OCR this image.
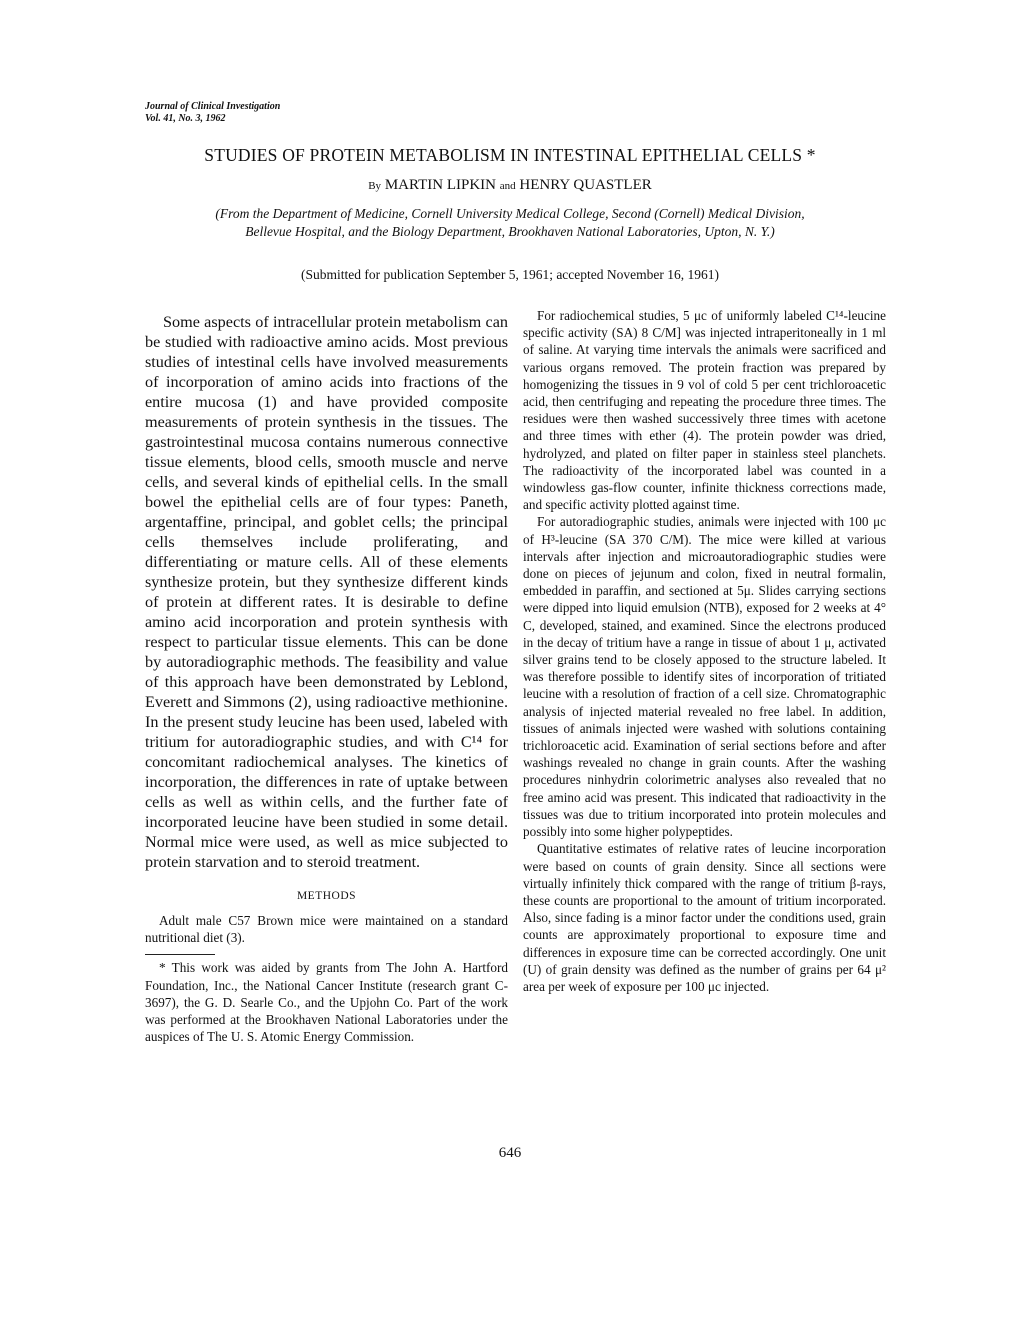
Journal of Clinical Investigation
Vol. 41, No. 3, 1962
STUDIES OF PROTEIN METABOLISM IN INTESTINAL EPITHELIAL CELLS *
By MARTIN LIPKIN and HENRY QUASTLER
(From the Department of Medicine, Cornell University Medical College, Second (Cornell) Medical Division, Bellevue Hospital, and the Biology Department, Brookhaven National Laboratories, Upton, N. Y.)
(Submitted for publication September 5, 1961; accepted November 16, 1961)

Some aspects of intracellular protein metabolism can be studied with radioactive amino acids. Most previous studies of intestinal cells have involved measurements of incorporation of amino acids into fractions of the entire mucosa (1) and have provided composite measurements of protein synthesis in the tissues. The gastrointestinal mucosa contains numerous connective tissue elements, blood cells, smooth muscle and nerve cells, and several kinds of epithelial cells. In the small bowel the epithelial cells are of four types: Paneth, argentaffine, principal, and goblet cells; the principal cells themselves include proliferating, and differentiating or mature cells. All of these elements synthesize protein, but they synthesize different kinds of protein at different rates. It is desirable to define amino acid incorporation and protein synthesis with respect to particular tissue elements. This can be done by autoradiographic methods. The feasibility and value of this approach have been demonstrated by Leblond, Everett and Simmons (2), using radioactive methionine. In the present study leucine has been used, labeled with tritium for autoradiographic studies, and with C¹⁴ for concomitant radiochemical analyses. The kinetics of incorporation, the differences in rate of uptake between cells as well as within cells, and the further fate of incorporated leucine have been studied in some detail. Normal mice were used, as well as mice subjected to protein starvation and to steroid treatment.

METHODS

Adult male C57 Brown mice were maintained on a standard nutritional diet (3).

* This work was aided by grants from The John A. Hartford Foundation, Inc., the National Cancer Institute (research grant C-3697), the G. D. Searle Co., and the Upjohn Co. Part of the work was performed at the Brookhaven National Laboratories under the auspices of The U. S. Atomic Energy Commission.

For radiochemical studies, 5 μc of uniformly labeled C¹⁴-leucine specific activity (SA) 8 C/M] was injected intraperitoneally in 1 ml of saline. At varying time intervals the animals were sacrificed and various organs removed. The protein fraction was prepared by homogenizing the tissues in 9 vol of cold 5 per cent trichloroacetic acid, then centrifuging and repeating the procedure three times. The residues were then washed successively three times with acetone and three times with ether (4). The protein powder was dried, hydrolyzed, and plated on filter paper in stainless steel planchets. The radioactivity of the incorporated label was counted in a windowless gas-flow counter, infinite thickness corrections made, and specific activity plotted against time.

For autoradiographic studies, animals were injected with 100 μc of H³-leucine (SA 370 C/M). The mice were killed at various intervals after injection and microautoradiographic studies were done on pieces of jejunum and colon, fixed in neutral formalin, embedded in paraffin, and sectioned at 5μ. Slides carrying sections were dipped into liquid emulsion (NTB), exposed for 2 weeks at 4° C, developed, stained, and examined. Since the electrons produced in the decay of tritium have a range in tissue of about 1 μ, activated silver grains tend to be closely apposed to the structure labeled. It was therefore possible to identify sites of incorporation of tritiated leucine with a resolution of fraction of a cell size. Chromatographic analysis of injected material revealed no free label. In addition, tissues of animals injected were washed with solutions containing trichloroacetic acid. Examination of serial sections before and after washings revealed no change in grain counts. After the washing procedures ninhydrin colorimetric analyses also revealed that no free amino acid was present. This indicated that radioactivity in the tissues was due to tritium incorporated into protein molecules and possibly into some higher polypeptides.

Quantitative estimates of relative rates of leucine incorporation were based on counts of grain density. Since all sections were virtually infinitely thick compared with the range of tritium β-rays, these counts are proportional to the amount of tritium incorporated. Also, since fading is a minor factor under the conditions used, grain counts are approximately proportional to exposure time and differences in exposure time can be corrected accordingly. One unit (U) of grain density was defined as the number of grains per 64 μ² area per week of exposure per 100 μc injected.

646
